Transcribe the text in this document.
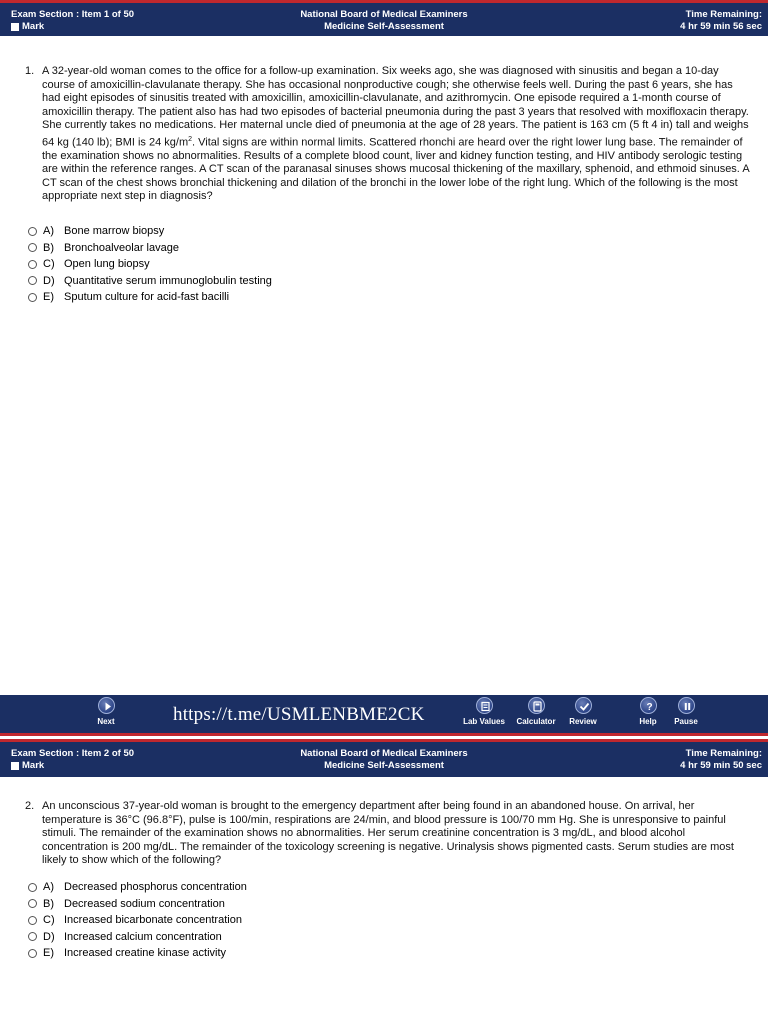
Exam Section : Item 1 of 50
Mark
National Board of Medical Examiners
Medicine Self-Assessment
Time Remaining:
4 hr 59 min 56 sec
1. A 32-year-old woman comes to the office for a follow-up examination. Six weeks ago, she was diagnosed with sinusitis and began a 10-day course of amoxicillin-clavulanate therapy. She has occasional nonproductive cough; she otherwise feels well. During the past 6 years, she has had eight episodes of sinusitis treated with amoxicillin, amoxicillin-clavulanate, and azithromycin. One episode required a 1-month course of amoxicillin therapy. The patient also has had two episodes of bacterial pneumonia during the past 3 years that resolved with moxifloxacin therapy. She currently takes no medications. Her maternal uncle died of pneumonia at the age of 28 years. The patient is 163 cm (5 ft 4 in) tall and weighs 64 kg (140 lb); BMI is 24 $kg/m^2$. Vital signs are within normal limits. Scattered rhonchi are heard over the right lower lung base. The remainder of the examination shows no abnormalities. Results of a complete blood count, liver and kidney function testing, and HIV antibody serologic testing are within the reference ranges. A CT scan of the paranasal sinuses shows mucosal thickening of the maxillary, sphenoid, and ethmoid sinuses. A CT scan of the chest shows bronchial thickening and dilation of the bronchi in the lower lobe of the right lung. Which of the following is the most appropriate next step in diagnosis?
A) Bone marrow biopsy
B) Bronchoalveolar lavage
C) Open lung biopsy
D) Quantitative serum immunoglobulin testing
E) Sputum culture for acid-fast bacilli
Next	https://t.me/USMLENBME2CK	Lab Values	Calculator	Review
?
Help	Pause
Exam Section : Item 2 of 50
Mark
National Board of Medical Examiners
Medicine Self-Assessment
Time Remaining:
4 hr 59 min 50 sec
2. An unconscious 37-year-old woman is brought to the emergency department after being found in an abandoned house. On arrival, her temperature is 36°C (96.8°F), pulse is 100/min, respirations are 24/min, and blood pressure is 100/70 mm Hg. She is unresponsive to painful stimuli. The remainder of the examination shows no abnormalities. Her serum creatinine concentration is 3 mg/dL, and blood alcohol concentration is 200 mg/dL. The remainder of the toxicology screening is negative. Urinalysis shows pigmented casts. Serum studies are most likely to show which of the following?
A) Decreased phosphorus concentration
B) Decreased sodium concentration
C) Increased bicarbonate concentration
D) Increased calcium concentration
E) Increased creatine kinase activity
